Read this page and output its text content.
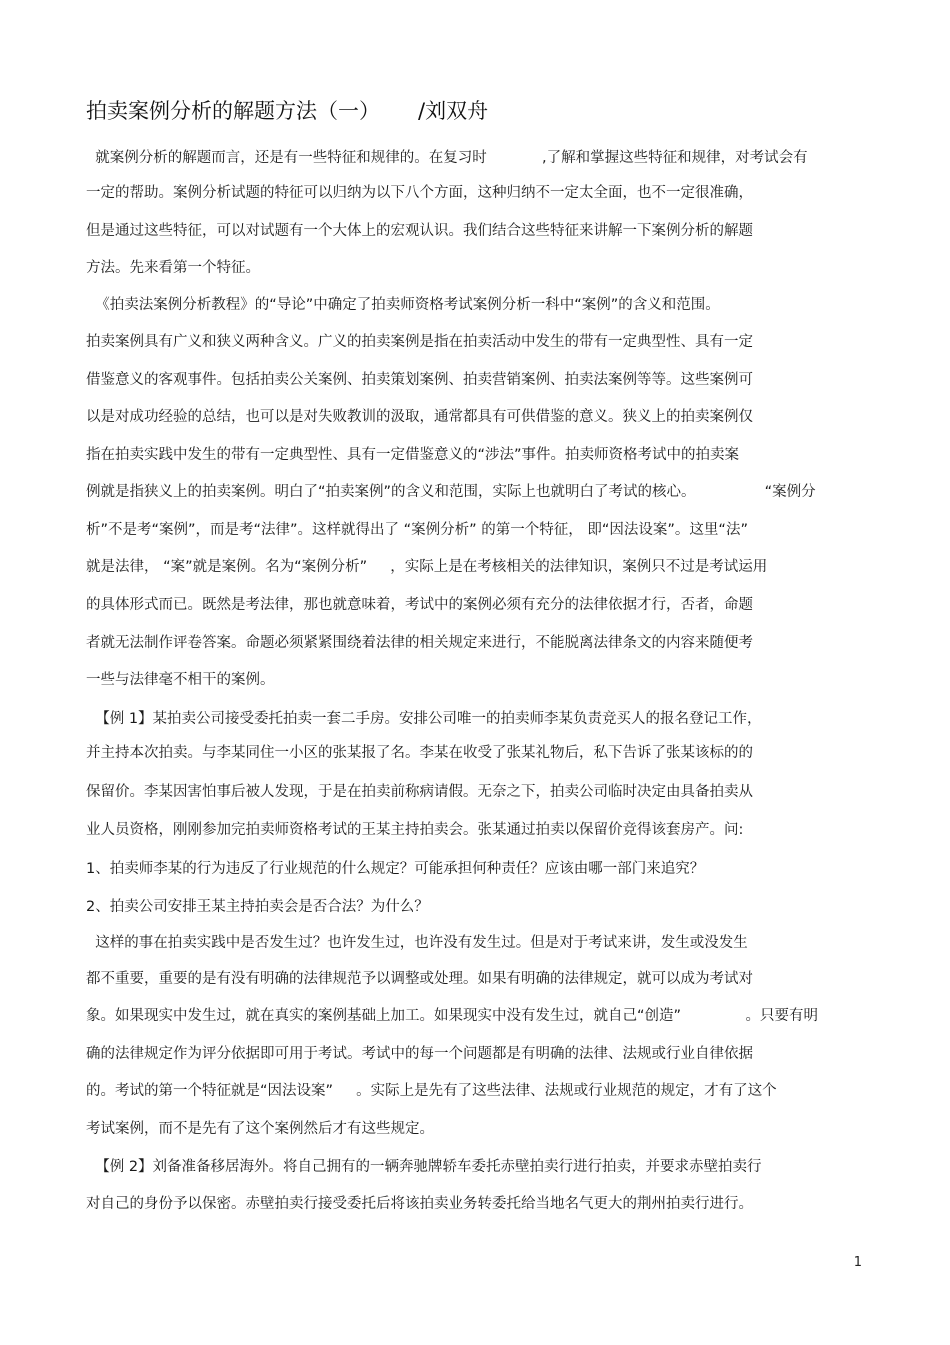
拍卖案例分析的解题方法（一） /刘双舟
就案例分析的解题而言，还是有一些特征和规律的。在复习时            ,了解和掌握这些特征和规律，对考试会有
一定的帮助。案例分析试题的特征可以归纳为以下八个方面，这种归纳不一定太全面，也不一定很准确，
但是通过这些特征，可以对试题有一个大体上的宏观认识。我们结合这些特征来讲解一下案例分析的解题
方法。先来看第一个特征。
《拍卖法案例分析教程》的“导论”中确定了拍卖师资格考试案例分析一科中“案例”的含义和范围。
拍卖案例具有广义和狭义两种含义。广义的拍卖案例是指在拍卖活动中发生的带有一定典型性、具有一定
借鉴意义的客观事件。包括拍卖公关案例、拍卖策划案例、拍卖营销案例、拍卖法案例等等。这些案例可
以是对成功经验的总结，也可以是对失败教训的汲取，通常都具有可供借鉴的意义。狭义上的拍卖案例仅
指在拍卖实践中发生的带有一定典型性、具有一定借鉴意义的“涉法”事件。拍卖师资格考试中的拍卖案
例就是指狭义上的拍卖案例。明白了“拍卖案例”的含义和范围，实际上也就明白了考试的核心。               “案例分
析”不是考“案例”，而是考“法律”。这样就得出了 “案例分析” 的第一个特征， 即“因法设案”。这里“法”
就是法律， “案”就是案例。名为“案例分析”     ，实际上是在考核相关的法律知识，案例只不过是考试运用
的具体形式而已。既然是考法律，那也就意味着，考试中的案例必须有充分的法律依据才行，否者，命题
者就无法制作评卷答案。命题必须紧紧围绕着法律的相关规定来进行，不能脱离法律条文的内容来随便考
一些与法律毫不相干的案例。
【例 1】某拍卖公司接受委托拍卖一套二手房。安排公司唯一的拍卖师李某负责竞买人的报名登记工作，
并主持本次拍卖。与李某同住一小区的张某报了名。李某在收受了张某礼物后，私下告诉了张某该标的的
保留价。李某因害怕事后被人发现，于是在拍卖前称病请假。无奈之下，拍卖公司临时决定由具备拍卖从
业人员资格，刚刚参加完拍卖师资格考试的王某主持拍卖会。张某通过拍卖以保留价竞得该套房产。问:
1、拍卖师李某的行为违反了行业规范的什么规定？可能承担何种责任？应该由哪一部门来追究？
2、拍卖公司安排王某主持拍卖会是否合法？为什么？
这样的事在拍卖实践中是否发生过？也许发生过，也许没有发生过。但是对于考试来讲，发生或没发生
都不重要，重要的是有没有明确的法律规范予以调整或处理。如果有明确的法律规定，就可以成为考试对
象。如果现实中发生过，就在真实的案例基础上加工。如果现实中没有发生过，就自己“创造”              。只要有明
确的法律规定作为评分依据即可用于考试。考试中的每一个问题都是有明确的法律、法规或行业自律依据
的。考试的第一个特征就是“因法设案”     。实际上是先有了这些法律、法规或行业规范的规定，才有了这个
考试案例，而不是先有了这个案例然后才有这些规定。
【例 2】刘备准备移居海外。将自己拥有的一辆奔驰牌轿车委托赤壁拍卖行进行拍卖，并要求赤壁拍卖行
对自己的身份予以保密。赤壁拍卖行接受委托后将该拍卖业务转委托给当地名气更大的荆州拍卖行进行。
1
